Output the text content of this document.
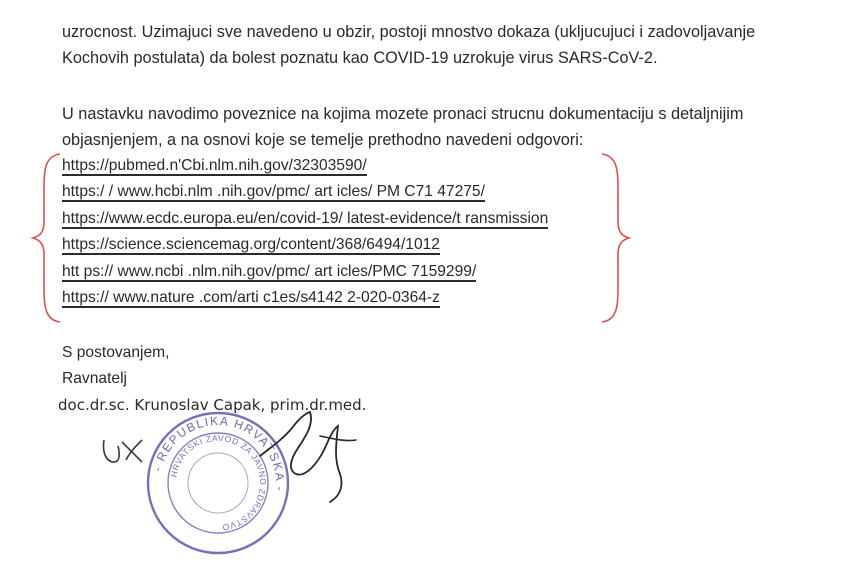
uzrocnost. Uzimajuci sve navedeno u obzir, postoji mnostvo dokaza (ukljucujuci i zadovoljavanje
Kochovih postulata) da bolest poznatu kao COVID-19 uzrokuje virus SARS-CoV-2.

U nastavku navodimo poveznice na kojima mozete pronaci strucnu dokumentaciju s detaljnijim
objasnjenjem, a na osnovi koje se temelje prethodno navedeni odgovori:

https://pubmed.n'Cbi.nlm.nih.gov/32303590/
https:/ / www.hcbi.nlm .nih.gov/pmc/ art icles/ PM C71 47275/
https://www.ecdc.europa.eu/en/covid-19/ latest-evidence/t ransmission
https://science.sciencemag.org/content/368/6494/1012
htt ps:// www.ncbi .nlm.nih.gov/pmc/ art icles/PMC 7159299/
https:// www.nature .com/arti c1es/s4142 2-020-0364-z
S postovanjem,
Ravnatelj
doc.dr.sc. Krunoslav Capak, prim.dr.med.
- REPUBLIKA HRVATSKA -
HRVATSKI ZAVOD ZA JAVNO ZDRAVSTVO
